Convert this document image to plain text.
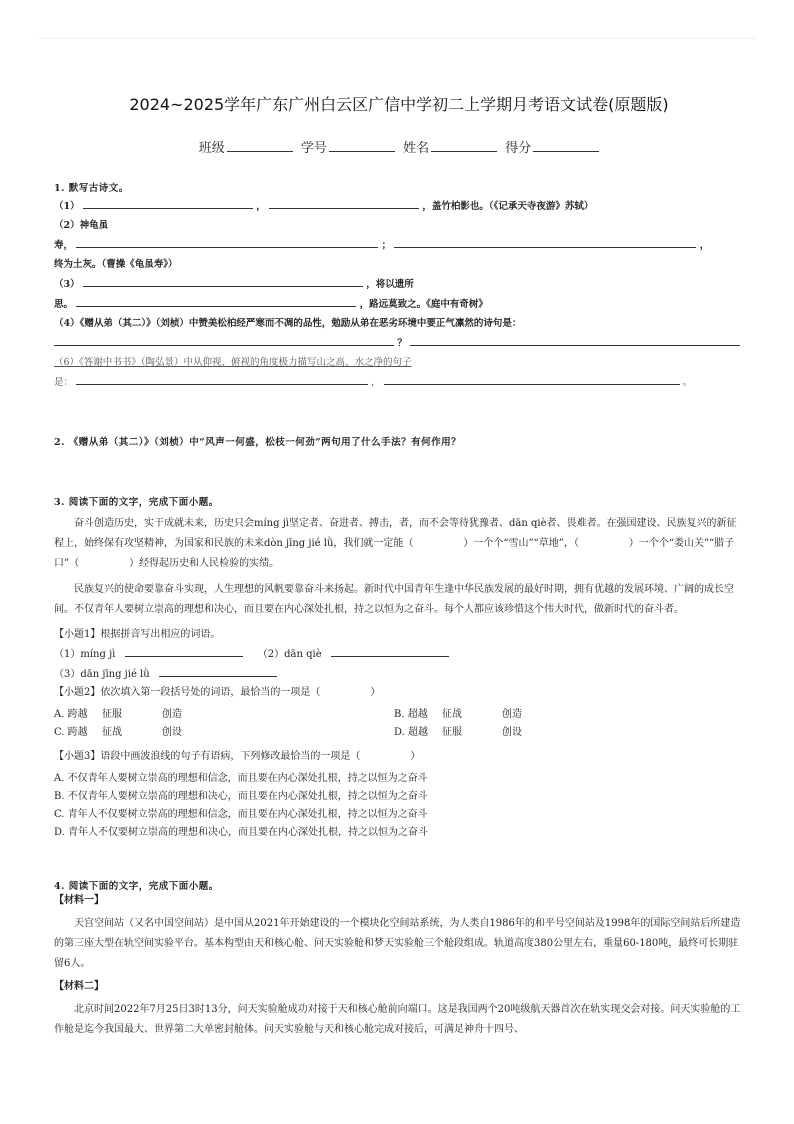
2024~2025学年广东广州白云区广信中学初二上学期月考语文试卷(原题版)
班级	学号	姓名	得分
1. 默写古诗文。
（1）	，	，盖竹柏影也。（《记承天寺夜游》苏轼）
（2）神龟虽
寿，	；	，
终为土灰。（曹操《龟虽寿》）
（3）	，将以遗所
思。	，路远莫致之。《庭中有奇树》
（4）《赠从弟（其二）》（刘桢）中赞美松柏经严寒而不凋的品性，勉励从弟在恶劣环境中要正气凛然的诗句是：
？
（6）《答谢中书书》（陶弘景）中从仰视、俯视的角度极力描写山之高、水之净的句子
是：	，	。
2. 《赠从弟（其二）》（刘桢）中“风声一何盛，松枝一何劲”两句用了什么手法？有何作用？
3. 阅读下面的文字，完成下面小题。

奋斗创造历史，实干成就未来，历史只会míng jì坚定者、奋进者、搏击，者，而不会等待犹豫者、dān qiè者、畏难者。在强国建设、民族复兴的新征程上，始终保有攻坚精神，为国家和民族的未来dòn jīng jié lǜ，我们就一定能（　　　　　）一个个“雪山”“草地”，（　　　　　）一个个“娄山关”“腊子口”（　　　　　）经得起历史和人民检验的实绩。

民族复兴的使命要靠奋斗实现，人生理想的风帆要靠奋斗来扬起。新时代中国青年生逢中华民族发展的最好时期，拥有优越的发展环境、广阔的成长空间。不仅青年人要树立崇高的理想和决心，而且要在内心深处扎根，持之以恒为之奋斗。每个人都应该珍惜这个伟大时代，做新时代的奋斗者。

【小题1】根据拼音写出相应的词语。

（1）míng jì	（2）dān qiè

（3）dān jīng jié lǜ

【小题2】依次填入第一段括号处的词语，最恰当的一项是（　　　　　）

A. 跨越 征服	创造	B. 超越 征战	创造
C. 跨越 征战	创设	D. 超越 征服	创设

【小题3】语段中画波浪线的句子有语病，下列修改最恰当的一项是（　　　　　）

A. 不仅青年人要树立崇高的理想和信念，而且要在内心深处扎根，持之以恒为之奋斗
B. 不仅青年人要树立崇高的理想和决心，而且要在内心深处扎根，持之以恒为之奋斗
C. 青年人不仅要树立崇高的理想和信念，而且要在内心深处扎根，持之以恒为之奋斗
D. 青年人不仅要树立崇高的理想和决心，而且要在内心深处扎根，持之以恒为之奋斗
4. 阅读下面的文字，完成下面小题。
【材料一】

天宫空间站（又名中国空间站）是中国从2021年开始建设的一个模块化空间站系统，为人类自1986年的和平号空间站及1998年的国际空间站后所建造的第三座大型在轨空间实验平台。基本构型由天和核心舱、问天实验舱和梦天实验舱三个舱段组成。轨道高度380公里左右，重量60-180吨，最终可长期驻留6人。

【材料二】

北京时间2022年7月25日3时13分，问天实验舱成功对接于天和核心舱前向端口。这是我国两个20吨级航天器首次在轨实现交会对接。问天实验舱的工作舱是迄今我国最大、世界第二大单密封舱体。问天实验舱与天和核心舱完成对接后，可满足神舟十四号、
